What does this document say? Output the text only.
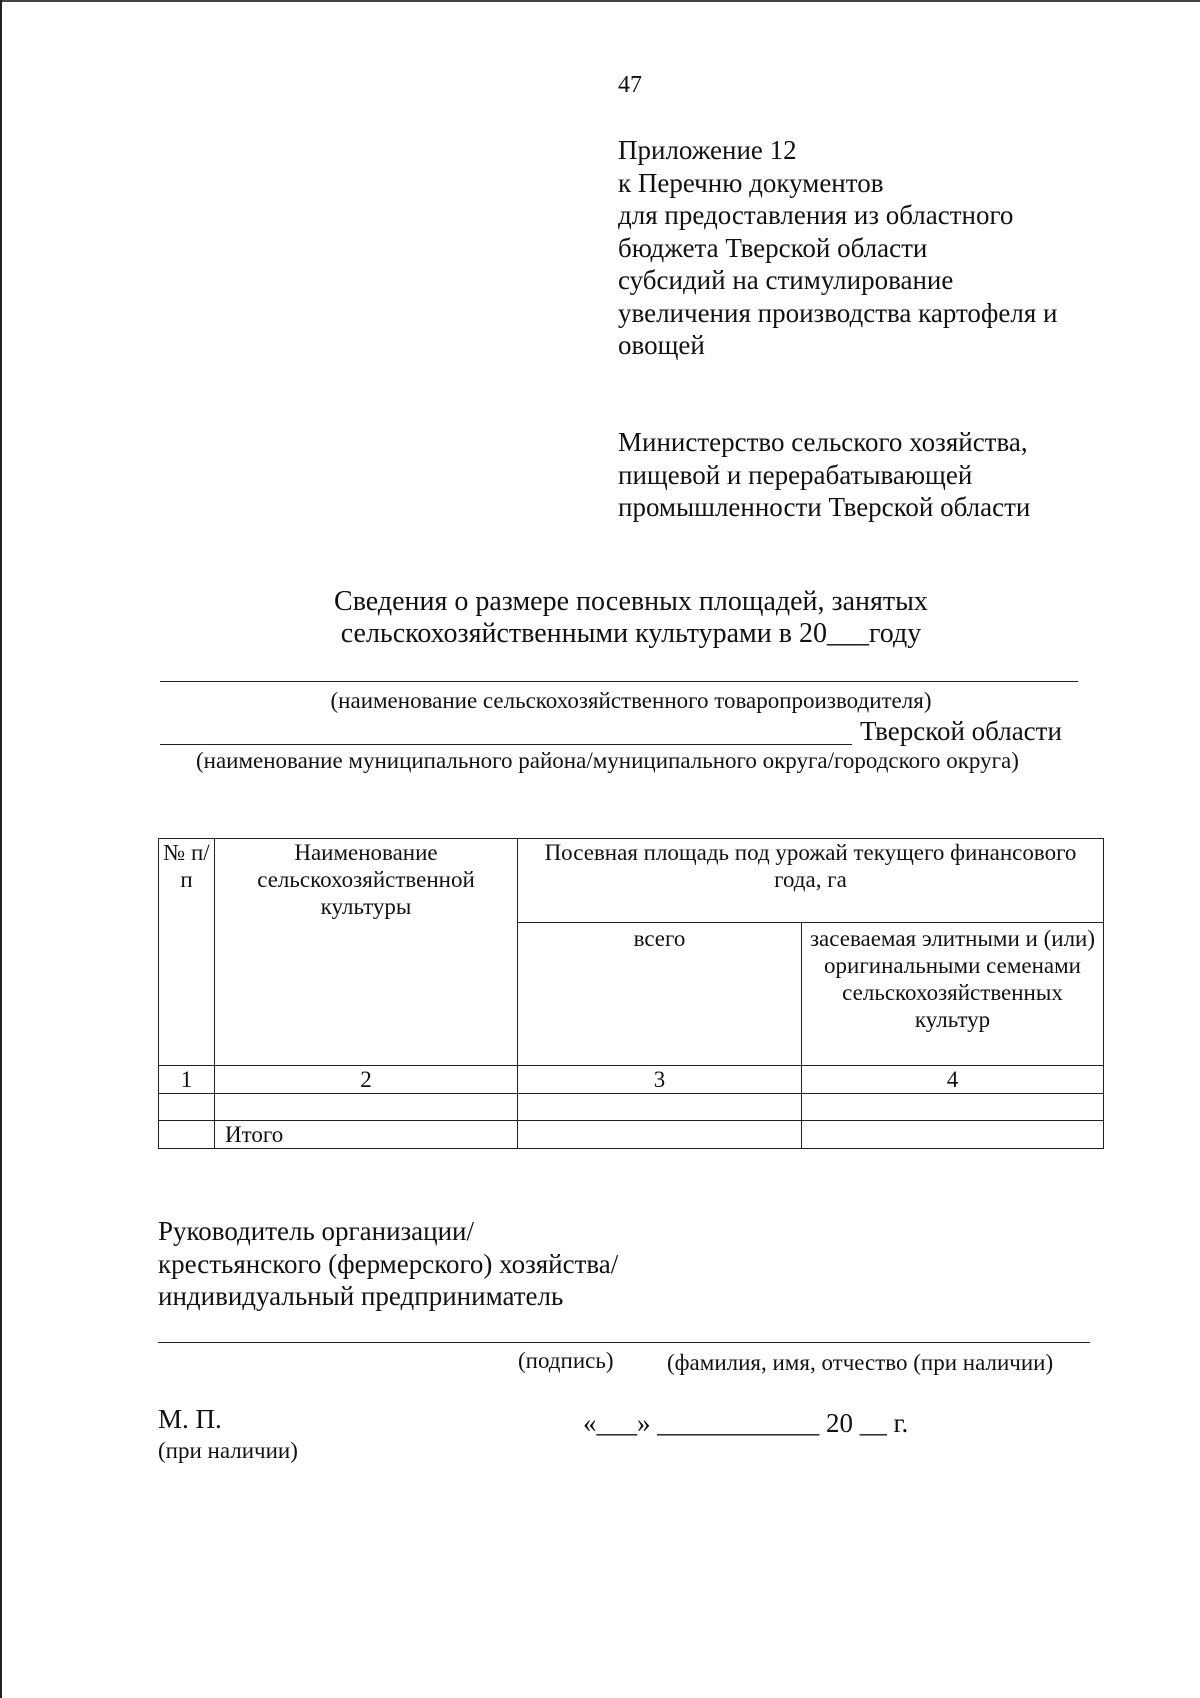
47
Приложение 12
к Перечню документов
для предоставления из областного
бюджета Тверской области
субсидий на стимулирование
увеличения производства картофеля и
овощей
Министерство сельского хозяйства,
пищевой и перерабатывающей
промышленности Тверской области
Сведения о размере посевных площадей, занятых
сельскохозяйственными культурами в 20___году
(наименование сельскохозяйственного товаропроизводителя)
Тверской области
(наименование муниципального района/муниципального округа/городского округа)
№ п/п	Наименование сельскохозяйственной культуры	Посевная площадь под урожай текущего финансового года, га	
		всего	засеваемая элитными и (или) оригинальными семенами сельскохозяйственных культур
1	2	3	4

	Итого		
Руководитель организации/
крестьянского (фермерского) хозяйства/
индивидуальный предприниматель
(подпись) (фамилия, имя, отчество (при наличии)
М. П.
(при наличии)
«___» ____________ 20 __ г.
